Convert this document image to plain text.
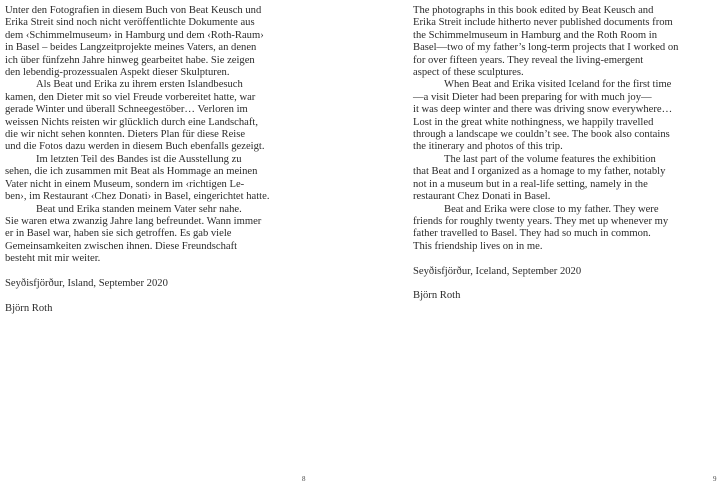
Unter den Fotografien in diesem Buch von Beat Keusch und
Erika Streit sind noch nicht veröffentlichte Dokumente aus
dem ‹Schimmelmuseum› in Hamburg und dem ‹Roth-Raum›
in Basel – beides Langzeitprojekte meines Vaters, an denen
ich über fünfzehn Jahre hinweg gearbeitet habe. Sie zeigen
den lebendig-prozessualen Aspekt dieser Skulpturen.

Als Beat und Erika zu ihrem ersten Islandbesuch
kamen, den Dieter mit so viel Freude vorbereitet hatte, war
gerade Winter und überall Schneegestöber… Verloren im
weissen Nichts reisten wir glücklich durch eine Landschaft,
die wir nicht sehen konnten. Dieters Plan für diese Reise
und die Fotos dazu werden in diesem Buch ebenfalls gezeigt.

Im letzten Teil des Bandes ist die Ausstellung zu
sehen, die ich zusammen mit Beat als Hommage an meinen
Vater nicht in einem Museum, sondern im ‹richtigen Le-
ben›, im Restaurant ‹Chez Donati› in Basel, eingerichtet hatte.

Beat und Erika standen meinem Vater sehr nahe.
Sie waren etwa zwanzig Jahre lang befreundet. Wann immer
er in Basel war, haben sie sich getroffen. Es gab viele
Gemeinsamkeiten zwischen ihnen. Diese Freundschaft
besteht mit mir weiter.

Seyðisfjörður, Island, September 2020

Björn Roth

8

The photographs in this book edited by Beat Keusch and
Erika Streit include hitherto never published documents from
the Schimmelmuseum in Hamburg and the Roth Room in
Basel—two of my father’s long-term projects that I worked on
for over fifteen years. They reveal the living-emergent
aspect of these sculptures.

When Beat and Erika visited Iceland for the first time
—a visit Dieter had been preparing for with much joy—
it was deep winter and there was driving snow everywhere…
Lost in the great white nothingness, we happily travelled
through a landscape we couldn’t see. The book also contains
the itinerary and photos of this trip.

The last part of the volume features the exhibition
that Beat and I organized as a homage to my father, notably
not in a museum but in a real-life setting, namely in the
restaurant Chez Donati in Basel.

Beat and Erika were close to my father. They were
friends for roughly twenty years. They met up whenever my
father travelled to Basel. They had so much in common.
This friendship lives on in me.

Seyðisfjörður, Iceland, September 2020

Björn Roth

9
